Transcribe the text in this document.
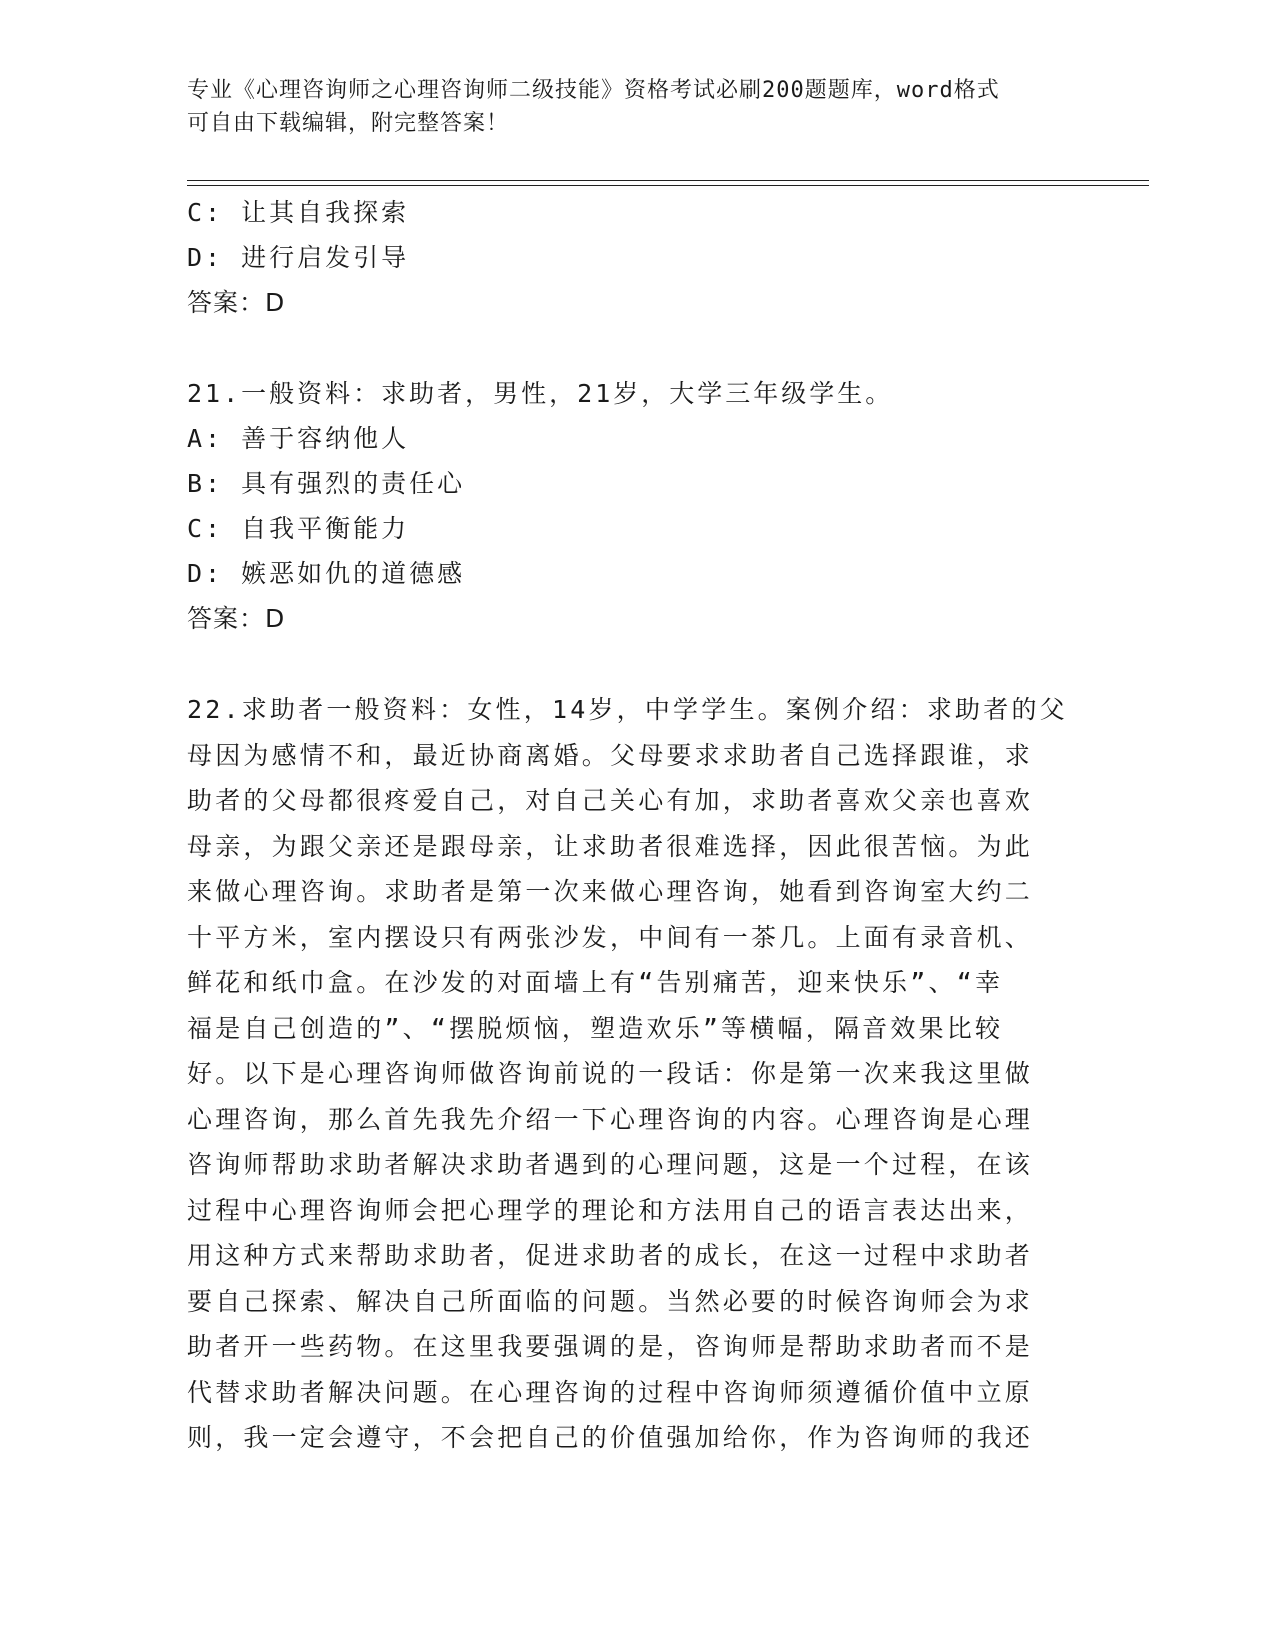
专业《心理咨询师之心理咨询师二级技能》资格考试必刷200题题库，word格式
可自由下载编辑，附完整答案！
C: 让其自我探索
D: 进行启发引导
答案：D
21.一般资料：求助者，男性，21岁，大学三年级学生。
A: 善于容纳他人
B: 具有强烈的责任心
C: 自我平衡能力
D: 嫉恶如仇的道德感
答案：D
22.求助者一般资料：女性，14岁，中学学生。案例介绍：求助者的父
母因为感情不和，最近协商离婚。父母要求求助者自己选择跟谁，求
助者的父母都很疼爱自己，对自己关心有加，求助者喜欢父亲也喜欢
母亲，为跟父亲还是跟母亲，让求助者很难选择，因此很苦恼。为此
来做心理咨询。求助者是第一次来做心理咨询，她看到咨询室大约二
十平方米，室内摆设只有两张沙发，中间有一茶几。上面有录音机、
鲜花和纸巾盒。在沙发的对面墙上有“告别痛苦，迎来快乐”、“幸
福是自己创造的”、“摆脱烦恼，塑造欢乐”等横幅，隔音效果比较
好。以下是心理咨询师做咨询前说的一段话：你是第一次来我这里做
心理咨询，那么首先我先介绍一下心理咨询的内容。心理咨询是心理
咨询师帮助求助者解决求助者遇到的心理问题，这是一个过程，在该
过程中心理咨询师会把心理学的理论和方法用自己的语言表达出来，
用这种方式来帮助求助者，促进求助者的成长，在这一过程中求助者
要自己探索、解决自己所面临的问题。当然必要的时候咨询师会为求
助者开一些药物。在这里我要强调的是，咨询师是帮助求助者而不是
代替求助者解决问题。在心理咨询的过程中咨询师须遵循价值中立原
则，我一定会遵守，不会把自己的价值强加给你，作为咨询师的我还
